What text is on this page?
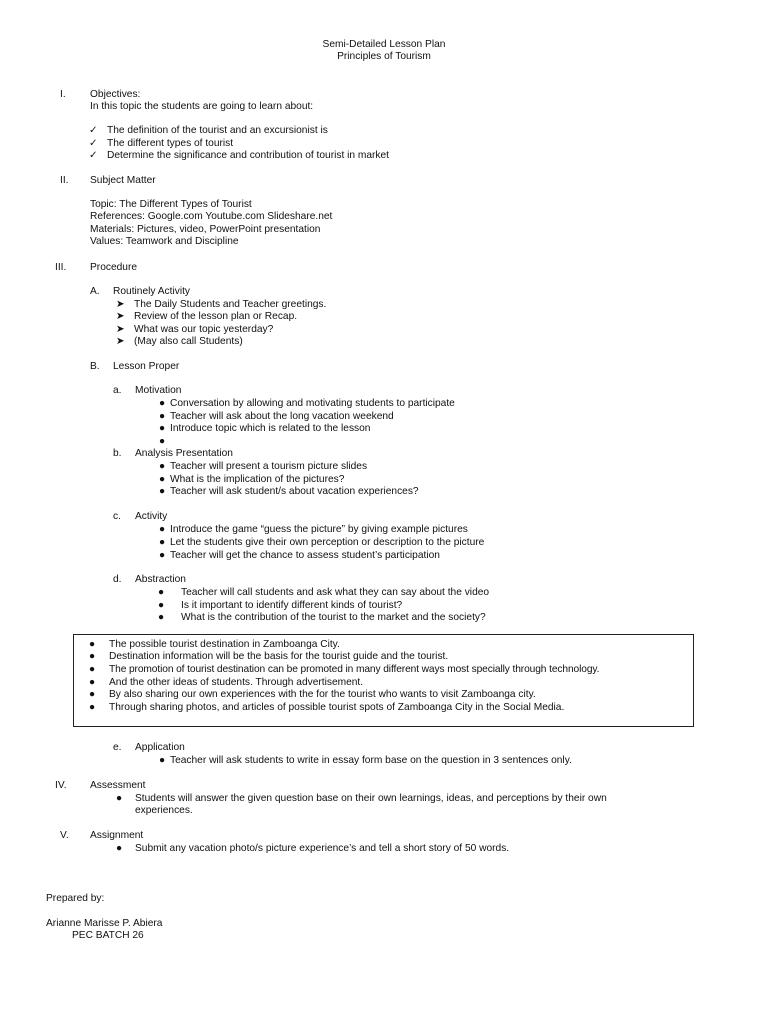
Semi-Detailed Lesson Plan
Principles of Tourism
I. Objectives:
In this topic the students are going to learn about:
✓ The definition of the tourist and an excursionist is
✓ The different types of tourist
✓ Determine the significance and contribution of tourist in market
II. Subject Matter
Topic: The Different Types of Tourist
References: Google.com Youtube.com Slideshare.net
Materials: Pictures, video, PowerPoint presentation
Values: Teamwork and Discipline
III. Procedure
A. Routinely Activity
➤ The Daily Students and Teacher greetings.
➤ Review of the lesson plan or Recap.
➤ What was our topic yesterday?
➤ (May also call Students)
B. Lesson Proper
a. Motivation
● Conversation by allowing and motivating students to participate
● Teacher will ask about the long vacation weekend
● Introduce topic which is related to the lesson
●
b. Analysis Presentation
● Teacher will present a tourism picture slides
● What is the implication of the pictures?
● Teacher will ask student/s about vacation experiences?
c. Activity
● Introduce the game “guess the picture” by giving example pictures
● Let the students give their own perception or description to the picture
● Teacher will get the chance to assess student’s participation
d. Abstraction
● Teacher will call students and ask what they can say about the video
● Is it important to identify different kinds of tourist?
● What is the contribution of the tourist to the market and the society?
● The possible tourist destination in Zamboanga City.
● Destination information will be the basis for the tourist guide and the tourist.
● The promotion of tourist destination can be promoted in many different ways most specially through technology.
● And the other ideas of students. Through advertisement.
● By also sharing our own experiences with the for the tourist who wants to visit Zamboanga city.
● Through sharing photos, and articles of possible tourist spots of Zamboanga City in the Social Media.
e. Application
● Teacher will ask students to write in essay form base on the question in 3 sentences only.
IV. Assessment
● Students will answer the given question base on their own learnings, ideas, and perceptions by their own
experiences.
V. Assignment
● Submit any vacation photo/s picture experience’s and tell a short story of 50 words.
Prepared by:
Arianne Marisse P. Abiera
PEC BATCH 26
